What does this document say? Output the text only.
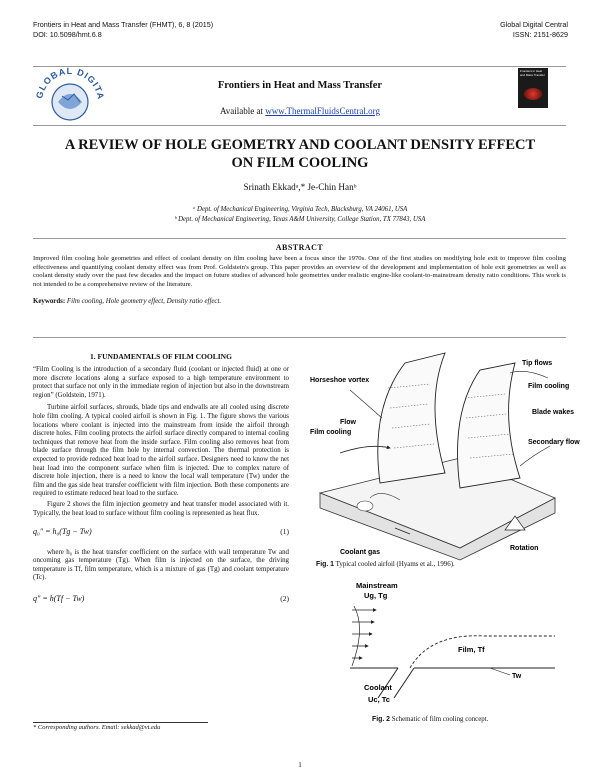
Frontiers in Heat and Mass Transfer (FHMT), 6, 8 (2015)
DOI: 10.5098/hmt.6.8
Global Digital Central
ISSN: 2151-8629
GLOBAL DIGITA
Frontiers in Heat and Mass Transfer
Available at www.ThermalFluidsCentral.org
Frontiers in Heat and Mass Transfer
A REVIEW OF HOLE GEOMETRY AND COOLANT DENSITY EFFECT
ON FILM COOLING
Srinath Ekkadᵃ,* Je-Chin Hanᵇ
ᵃ Dept. of Mechanical Engineering, Virginia Tech, Blacksburg, VA 24061, USA
ᵇ Dept. of Mechanical Engineering, Texas A&M University, College Station, TX 77843, USA
ABSTRACT
Improved film cooling hole geometries and effect of coolant density on film cooling have been a focus since the 1970s. One of the first studies on modifying hole exit to improve film cooling effectiveness and quantifying coolant density effect was from Prof. Goldstein's group. This paper provides an overview of the development and implementation of hole exit geometries as well as coolant density study over the past few decades and the impact on future studies of advanced hole geometries under realistic engine-like coolant-to-mainstream density ratio conditions. This work is not intended to be a comprehensive review of the literature.
Keywords: Film cooling, Hole geometry effect, Density ratio effect.
1. FUNDAMENTALS OF FILM COOLING
“Film Cooling is the introduction of a secondary fluid (coolant or injected fluid) at one or more discrete locations along a surface exposed to a high temperature environment to protect that surface not only in the immediate region of injection but also in the downstream region” (Goldstein, 1971).
Turbine airfoil surfaces, shrouds, blade tips and endwalls are all cooled using discrete hole film cooling. A typical cooled airfoil is shown in Fig. 1. The figure shows the various locations where coolant is injected into the mainstream from inside the airfoil through discrete holes. Film cooling protects the airfoil surface directly compared to internal cooling techniques that remove heat from the inside surface. Film cooling also removes heat from blade surface through the film hole by internal convection. The thermal protection is expected to provide reduced heat load to the airfoil surface. Designers need to know the net heat load into the component surface when film is injected. Due to complex nature of discrete hole injection, there is a need to know the local wall temperature (Tw) under the film and the gas side heat transfer coefficient with film injection. Both these components are required to estimate reduced heat load to the surface.
Figure 2 shows the film injection geometry and heat transfer model associated with it. Typically, the heat load to surface without film cooling is represented as heat flux.
q₀″ = h₀(Tg − Tw)	(1)
where h₀ is the heat transfer coefficient on the surface with wall temperature Tw and oncoming gas temperature (Tg). When film is injected on the surface, the driving temperature is Tf, film temperature, which is a mixture of gas (Tg) and coolant temperature (Tc).
q″ = h(Tf − Tw)	(2)
* Corresponding authors. Email: sekkad@vt.edu
Tip flows
Horseshoe vortex
Film cooling
Flow
Blade wakes
Film cooling
Secondary flow
Coolant gas
Rotation
Fig. 1 Typical cooled airfoil (Hyams et al., 1996).
Mainstream
Ug, Tg
Film, Tf
Tw
Coolant
Uc, Tc
Fig. 2 Schematic of film cooling concept.
1
